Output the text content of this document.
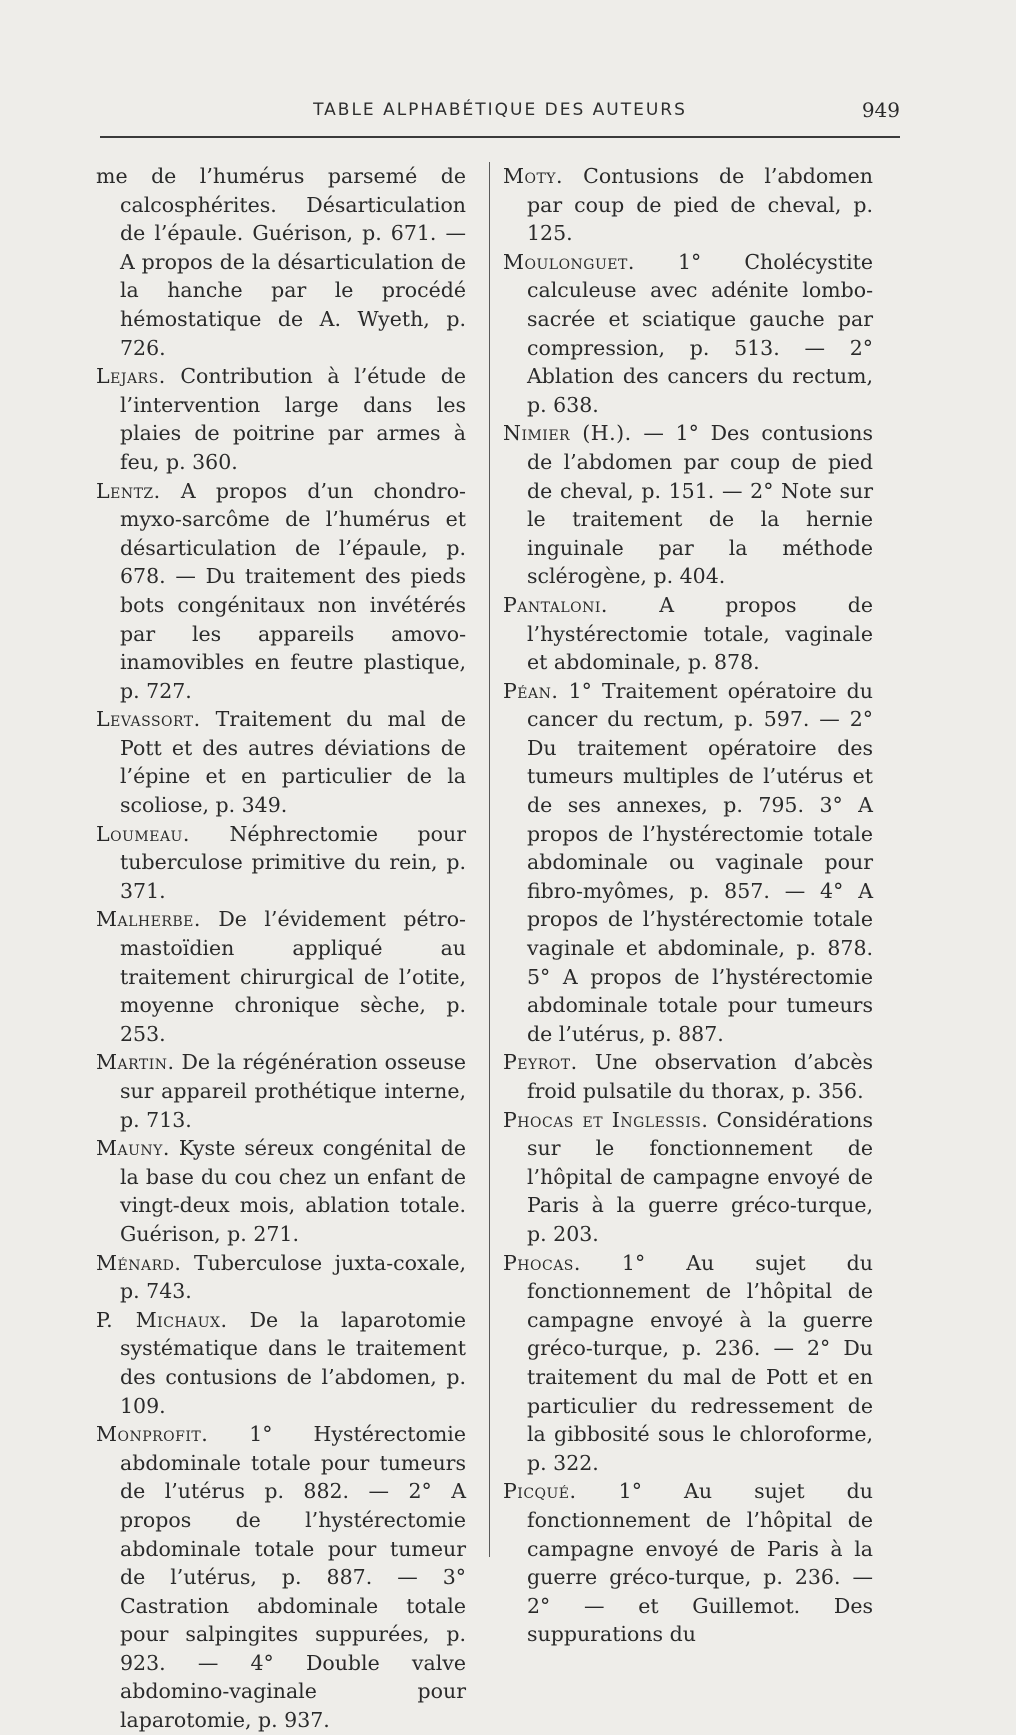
TABLE ALPHABÉTIQUE DES AUTEURS	949

me de l’humérus parsemé de calcosphérites. Désarticulation de l’épaule. Guérison, p. 671. — A propos de la désarticulation de la hanche par le procédé hémostatique de A. Wyeth, p. 726.

Lejars. Contribution à l’étude de l’intervention large dans les plaies de poitrine par armes à feu, p. 360.

Lentz. A propos d’un chondro-myxo-sarcôme de l’humérus et désarticulation de l’épaule, p. 678. — Du traitement des pieds bots congénitaux non invétérés par les appareils amovo-inamovibles en feutre plastique, p. 727.

Levassort. Traitement du mal de Pott et des autres déviations de l’épine et en particulier de la scoliose, p. 349.

Loumeau. Néphrectomie pour tuberculose primitive du rein, p. 371.

Malherbe. De l’évidement pétro-mastoïdien appliqué au traitement chirurgical de l’otite, moyenne chronique sèche, p. 253.

Martin. De la régénération osseuse sur appareil prothétique interne, p. 713.

Mauny. Kyste séreux congénital de la base du cou chez un enfant de vingt-deux mois, ablation totale. Guérison, p. 271.

Ménard. Tuberculose juxta-coxale, p. 743.

P. Michaux. De la laparotomie systématique dans le traitement des contusions de l’abdomen, p. 109.

Monprofit. 1° Hystérectomie abdominale totale pour tumeurs de l’utérus p. 882. — 2° A propos de l’hystérectomie abdominale totale pour tumeur de l’utérus, p. 887. — 3° Castration abdominale totale pour salpingites suppurées, p. 923. — 4° Double valve abdomino-vaginale pour laparotomie, p. 937.

Moty. Contusions de l’abdomen par coup de pied de cheval, p. 125.

Moulonguet. 1° Cholécystite calculeuse avec adénite lombo-sacrée et sciatique gauche par compression, p. 513. — 2° Ablation des cancers du rectum, p. 638.

Nimier (H.). — 1° Des contusions de l’abdomen par coup de pied de cheval, p. 151. — 2° Note sur le traitement de la hernie inguinale par la méthode sclérogène, p. 404.

Pantaloni.	A propos de l’hystérectomie totale, vaginale et abdominale, p. 878.

Péan. 1° Traitement opératoire du cancer du rectum, p. 597. — 2° Du traitement opératoire des tumeurs multiples de l’utérus et de ses annexes, p. 795. 3° A propos de l’hystérectomie totale abdominale ou vaginale pour fibro-myômes, p. 857. — 4° A propos de l’hystérectomie totale vaginale et abdominale, p. 878. 5° A propos de l’hystérectomie abdominale totale pour tumeurs de l’utérus, p. 887.

Peyrot. Une observation d’abcès froid pulsatile du thorax, p. 356.

Phocas et Inglessis. Considérations sur le fonctionnement de l’hôpital de campagne envoyé de Paris à la guerre gréco-turque, p. 203.

Phocas. 1° Au sujet du fonctionnement de l’hôpital de campagne envoyé à la guerre gréco-turque, p. 236. — 2° Du traitement du mal de Pott et en particulier du redressement de la gibbosité sous le chloroforme, p. 322.

Picqué. 1° Au sujet du fonctionnement de l’hôpital de campagne envoyé de Paris à la guerre gréco-turque, p. 236. — 2° — et Guillemot. Des suppurations du
